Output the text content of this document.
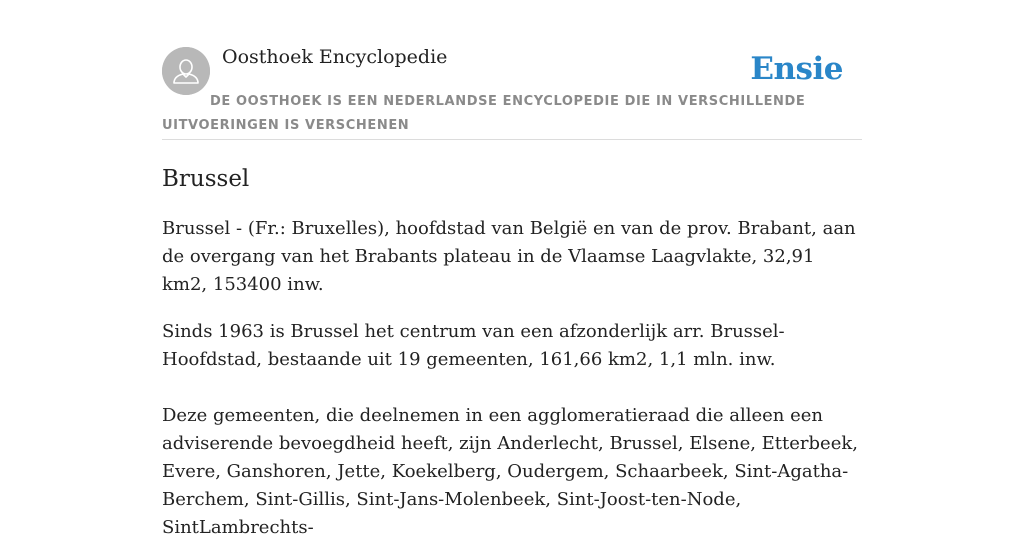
Oosthoek Encyclopedie	Ensie
DE OOSTHOEK IS EEN NEDERLANDSE ENCYCLOPEDIE DIE IN VERSCHILLENDE UITVOERINGEN IS VERSCHENEN
Brussel

Brussel - (Fr.: Bruxelles), hoofdstad van België en van de prov. Brabant, aan de overgang van het Brabants plateau in de Vlaamse Laagvlakte, 32,91 km2, 153400 inw.

Sinds 1963 is Brussel het centrum van een afzonderlijk arr. Brussel-Hoofdstad, bestaande uit 19 gemeenten, 161,66 km2, 1,1 mln. inw.

Deze gemeenten, die deelnemen in een agglomeratieraad die alleen een adviserende bevoegdheid heeft, zijn Anderlecht, Brussel, Elsene, Etterbeek, Evere, Ganshoren, Jette, Koekelberg, Oudergem, Schaarbeek, Sint-Agatha-Berchem, Sint-Gillis, Sint-Jans-Molenbeek, Sint-Joost-ten-Node, SintLambrechts-
